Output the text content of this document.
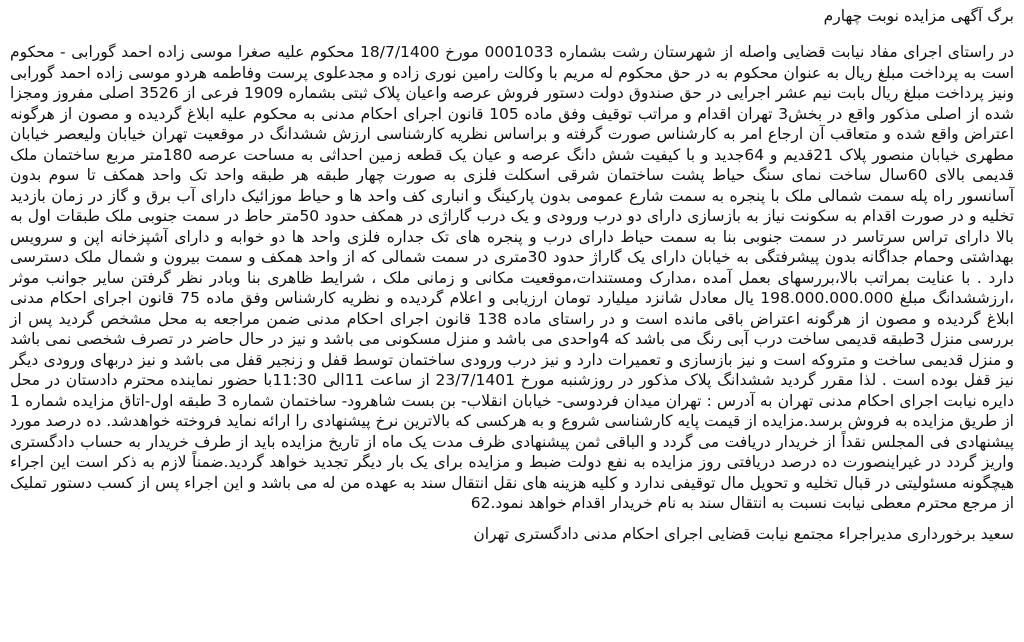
برگ آگهی مزایده نوبت چهارم

در راستای اجرای مفاد نیابت قضایی واصله از شهرستان رشت بشماره 0001033 مورخ 18/7/1400 محکوم علیه صغرا موسی زاده احمد گورابی - محکوم است به پرداخت مبلغ ریال به عنوان محکوم به در حق محکوم له مریم با وکالت رامین نوری زاده و مجدعلوی پرست وفاطمه هردو موسی زاده احمد گورابی ونیز پرداخت مبلغ ریال بابت نیم عشر اجرایی در حق صندوق دولت دستور فروش عرصه واعیان پلاک ثبتی بشماره 1909 فرعی از 3526 اصلی مفروز ومجزا شده از اصلی مذکور واقع در بخش3 تهران اقدام و مراتب توقیف وفق ماده 105 قانون اجرای احکام مدنی به محکوم علیه ابلاغ گردیده و مصون از هرگونه اعتراض واقع شده و متعاقب آن ارجاع امر به کارشناس صورت گرفته و براساس نظریه کارشناسی ارزش ششدانگ در موقعیت تهران خیابان ولیعصر خیابان مطهری خیابان منصور پلاک 21قدیم و 64جدید و با کیفیت شش دانگ عرصه و عیان یک قطعه زمین احداثی به مساحت عرصه 180متر مربع ساختمان ملک قدیمی بالای 60سال ساخت نمای سنگ حیاط پشت ساختمان شرقی اسکلت فلزی به صورت چهار طبقه هر طبقه واحد تک واحد همکف تا سوم بدون آسانسور راه پله سمت شمالی ملک با پنجره به سمت شارع عمومی بدون پارکینگ و انباری کف واحد ها و حیاط موزائیک دارای آب برق و گاز در زمان بازدید تخلیه و در صورت اقدام به سکونت نیاز به بازسازی دارای دو درب ورودی و یک درب گاراژی در همکف حدود 50متر حاط در سمت جنوبی ملک طبقات اول به بالا دارای تراس سرتاسر در سمت جنوبی بنا به سمت حیاط دارای درب و پنجره های تک جداره فلزی واحد ها دو خوابه و دارای آشپزخانه اپن و سرویس بهداشتی وحمام جداگانه بدون پیشرفتگی به خیابان دارای یک گاراژ حدود 30متری در سمت شمالی که از واحد همکف و سمت بیرون و شمال ملک دسترسی دارد . با عنایت بمراتب بالا،بررسهای بعمل آمده ،مدارک ومستندات،موقعیت مکانی و زمانی ملک ، شرایط ظاهری بنا وبادر نظر گرفتن سایر جوانب موثر ،ارزششدانگ مبلغ 198.000.000.000 یال معادل شانزد میلیارد تومان ارزیابی و اعلام گردیده و نظریه کارشناس وفق ماده 75 قانون اجرای احکام مدنی ابلاغ گردیده و مصون از هرگونه اعتراض باقی مانده است و در راستای ماده 138 قانون اجرای احکام مدنی ضمن مراجعه به محل مشخص گردید پس از بررسی منزل 3طبقه قدیمی ساخت درب آبی رنگ می باشد که 4واحدی می باشد و منزل مسکونی می باشد و نیز در حال حاضر در تصرف شخصی نمی باشد و منزل قدیمی ساخت و متروکه است و نیز بازسازی و تعمیرات دارد و نیز درب ورودی ساختمان توسط قفل و زنجیر قفل می باشد و نیز دربهای ورودی دیگر نیز قفل بوده است . لذا مقرر گردید ششدانگ پلاک مذکور در روزشنبه مورخ 23/7/1401 از ساعت 11الی 11:30با حضور نماینده محترم دادستان در محل دایره نیابت اجرای احکام مدنی تهران به آدرس : تهران میدان فردوسی- خیابان انقلاب- بن بست شاهرود- ساختمان شماره 3 طبقه اول-اتاق مزایده شماره 1 از طریق مزایده به فروش برسد.مزایده از قیمت پایه کارشناسی شروع و به هرکسی که بالاترین نرخ پیشنهادی را ارائه نماید فروخته خواهدشد. ده درصد مورد پیشنهادی فی المجلس نقداً از خریدار دریافت می گردد و الباقی ثمن پیشنهادی ظرف مدت یک ماه از تاریخ مزایده باید از طرف خریدار به حساب دادگستری واریز گردد در غیراینصورت ده درصد دریافتی روز مزایده به نفع دولت ضبط و مزایده برای یک بار دیگر تجدید خواهد گردید.ضمناً لازم به ذکر است این اجراء هیچگونه مسئولیتی در قبال تخلیه و تحویل مال توقیفی ندارد و کلیه هزینه های نقل انتقال سند به عهده من له می باشد و این اجراء پس از کسب دستور تملیک از مرجع محترم معطی نیابت نسبت به انتقال سند به نام خریدار اقدام خواهد نمود.62

سعید برخورداری مدیراجراء مجتمع نیابت قضایی اجرای احکام مدنی دادگستری تهران
